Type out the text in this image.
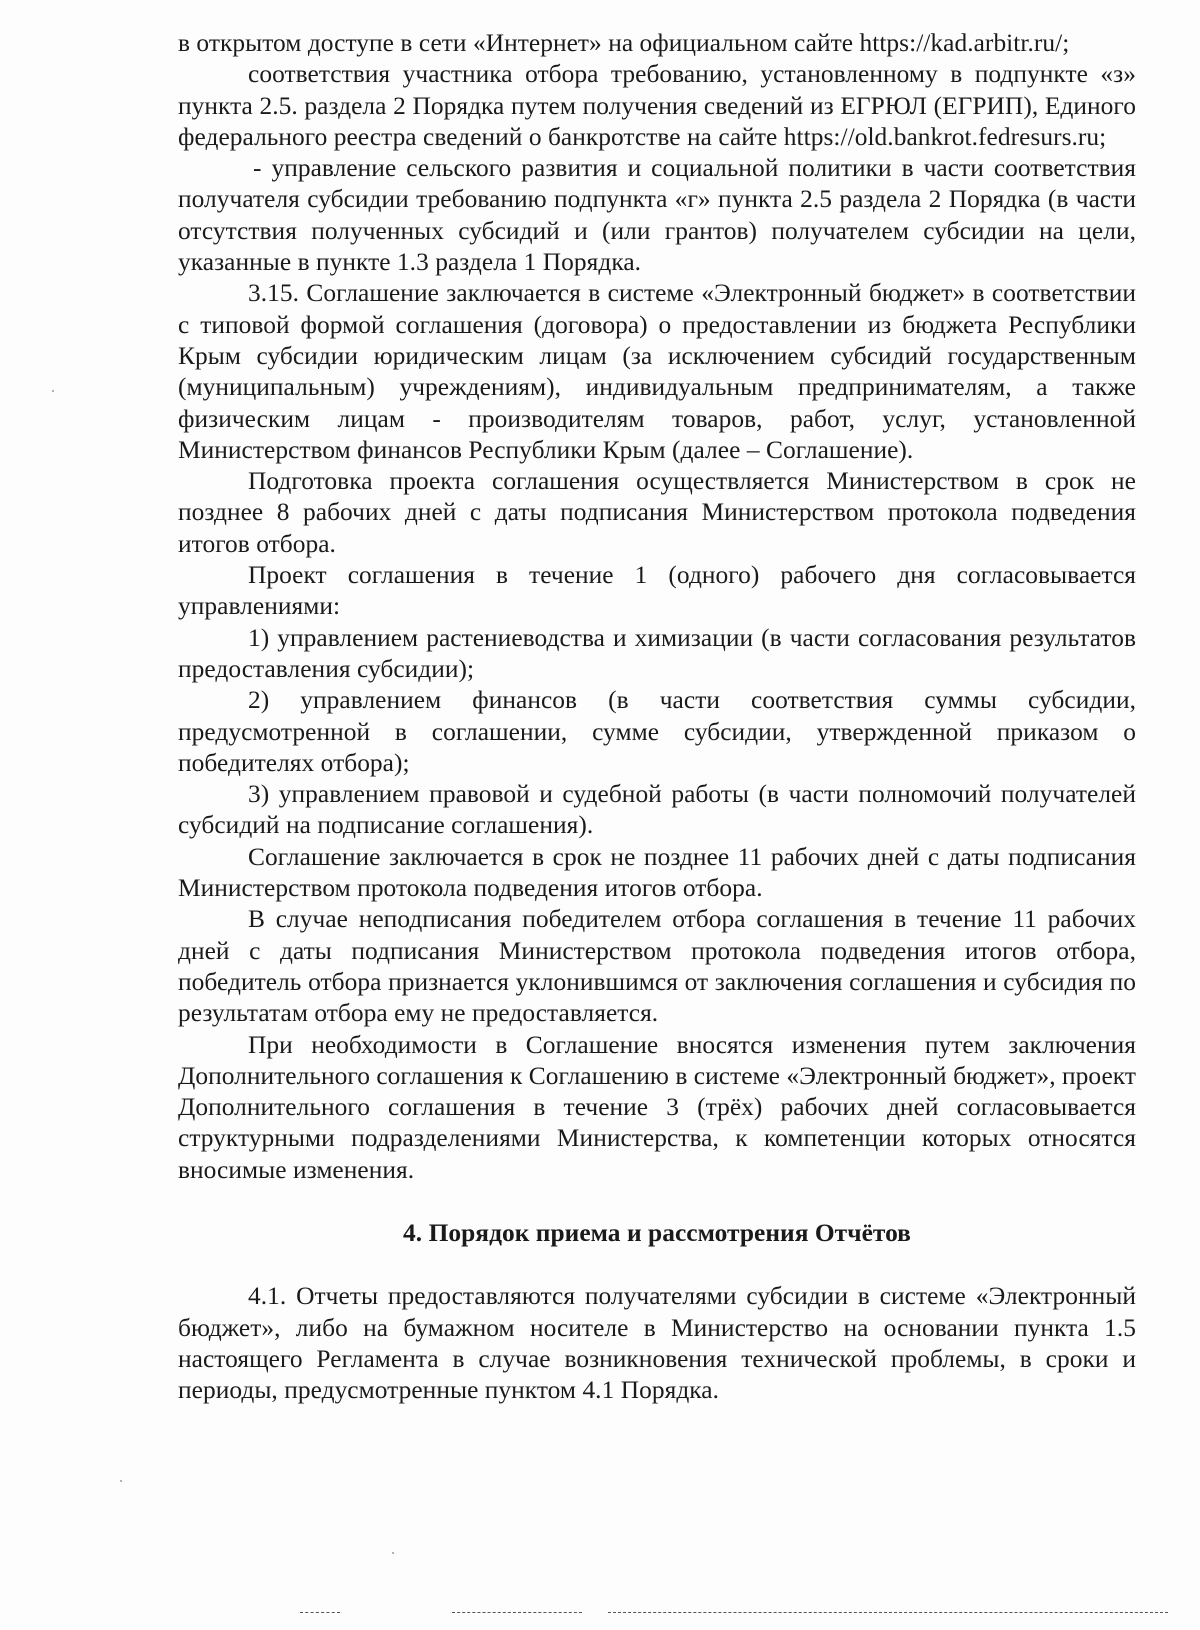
в открытом доступе в сети «Интернет» на официальном сайте https://kad.arbitr.ru/;

соответствия участника отбора требованию, установленному в подпункте «з» пункта 2.5. раздела 2 Порядка путем получения сведений из ЕГРЮЛ (ЕГРИП), Единого федерального реестра сведений о банкротстве на сайте https://old.bankrot.fedresurs.ru;

- управление сельского развития и социальной политики в части соответствия получателя субсидии требованию подпункта «г» пункта 2.5 раздела 2 Порядка (в части отсутствия полученных субсидий и (или грантов) получателем субсидии на цели, указанные в пункте 1.3 раздела 1 Порядка.

3.15. Соглашение заключается в системе «Электронный бюджет» в соответствии с типовой формой соглашения (договора) о предоставлении из бюджета Республики Крым субсидии юридическим лицам (за исключением субсидий государственным (муниципальным) учреждениям), индивидуальным предпринимателям, а также физическим лицам - производителям товаров, работ, услуг, установленной Министерством финансов Республики Крым (далее – Соглашение).

Подготовка проекта соглашения осуществляется Министерством в срок не позднее 8 рабочих дней с даты подписания Министерством протокола подведения итогов отбора.

Проект соглашения в течение 1 (одного) рабочего дня согласовывается управлениями:

1) управлением растениеводства и химизации (в части согласования результатов предоставления субсидии);

2) управлением финансов (в части соответствия суммы субсидии, предусмотренной в соглашении, сумме субсидии, утвержденной приказом о победителях отбора);

3) управлением правовой и судебной работы (в части полномочий получателей субсидий на подписание соглашения).

Соглашение заключается в срок не позднее 11 рабочих дней с даты подписания Министерством протокола подведения итогов отбора.

В случае неподписания победителем отбора соглашения в течение 11 рабочих дней с даты подписания Министерством протокола подведения итогов отбора, победитель отбора признается уклонившимся от заключения соглашения и субсидия по результатам отбора ему не предоставляется.

При необходимости в Соглашение вносятся изменения путем заключения Дополнительного соглашения к Соглашению в системе «Электронный бюджет», проект Дополнительного соглашения в течение 3 (трёх) рабочих дней согласовывается структурными подразделениями Министерства, к компетенции которых относятся вносимые изменения.

4. Порядок приема и рассмотрения Отчётов

4.1. Отчеты предоставляются получателями субсидии в системе «Электронный бюджет», либо на бумажном носителе в Министерство на основании пункта 1.5 настоящего Регламента в случае возникновения технической проблемы, в сроки и периоды, предусмотренные пунктом 4.1 Порядка.
